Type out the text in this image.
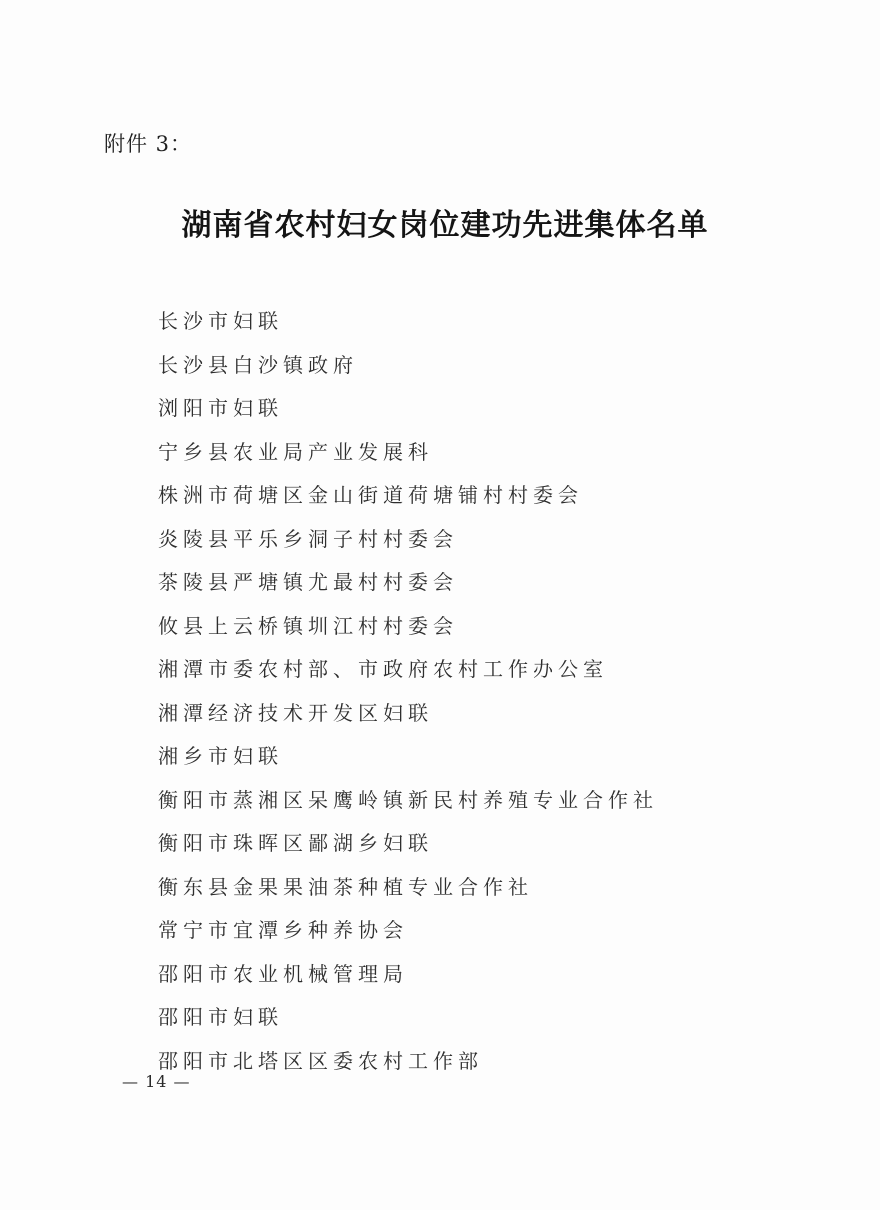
附件 3：
湖南省农村妇女岗位建功先进集体名单
长沙市妇联
长沙县白沙镇政府
浏阳市妇联
宁乡县农业局产业发展科
株洲市荷塘区金山街道荷塘铺村村委会
炎陵县平乐乡洞子村村委会
茶陵县严塘镇尤最村村委会
攸县上云桥镇圳江村村委会
湘潭市委农村部、市政府农村工作办公室
湘潭经济技术开发区妇联
湘乡市妇联
衡阳市蒸湘区呆鹰岭镇新民村养殖专业合作社
衡阳市珠晖区鄙湖乡妇联
衡东县金果果油茶种植专业合作社
常宁市宜潭乡种养协会
邵阳市农业机械管理局
邵阳市妇联
邵阳市北塔区区委农村工作部
— 14 —
